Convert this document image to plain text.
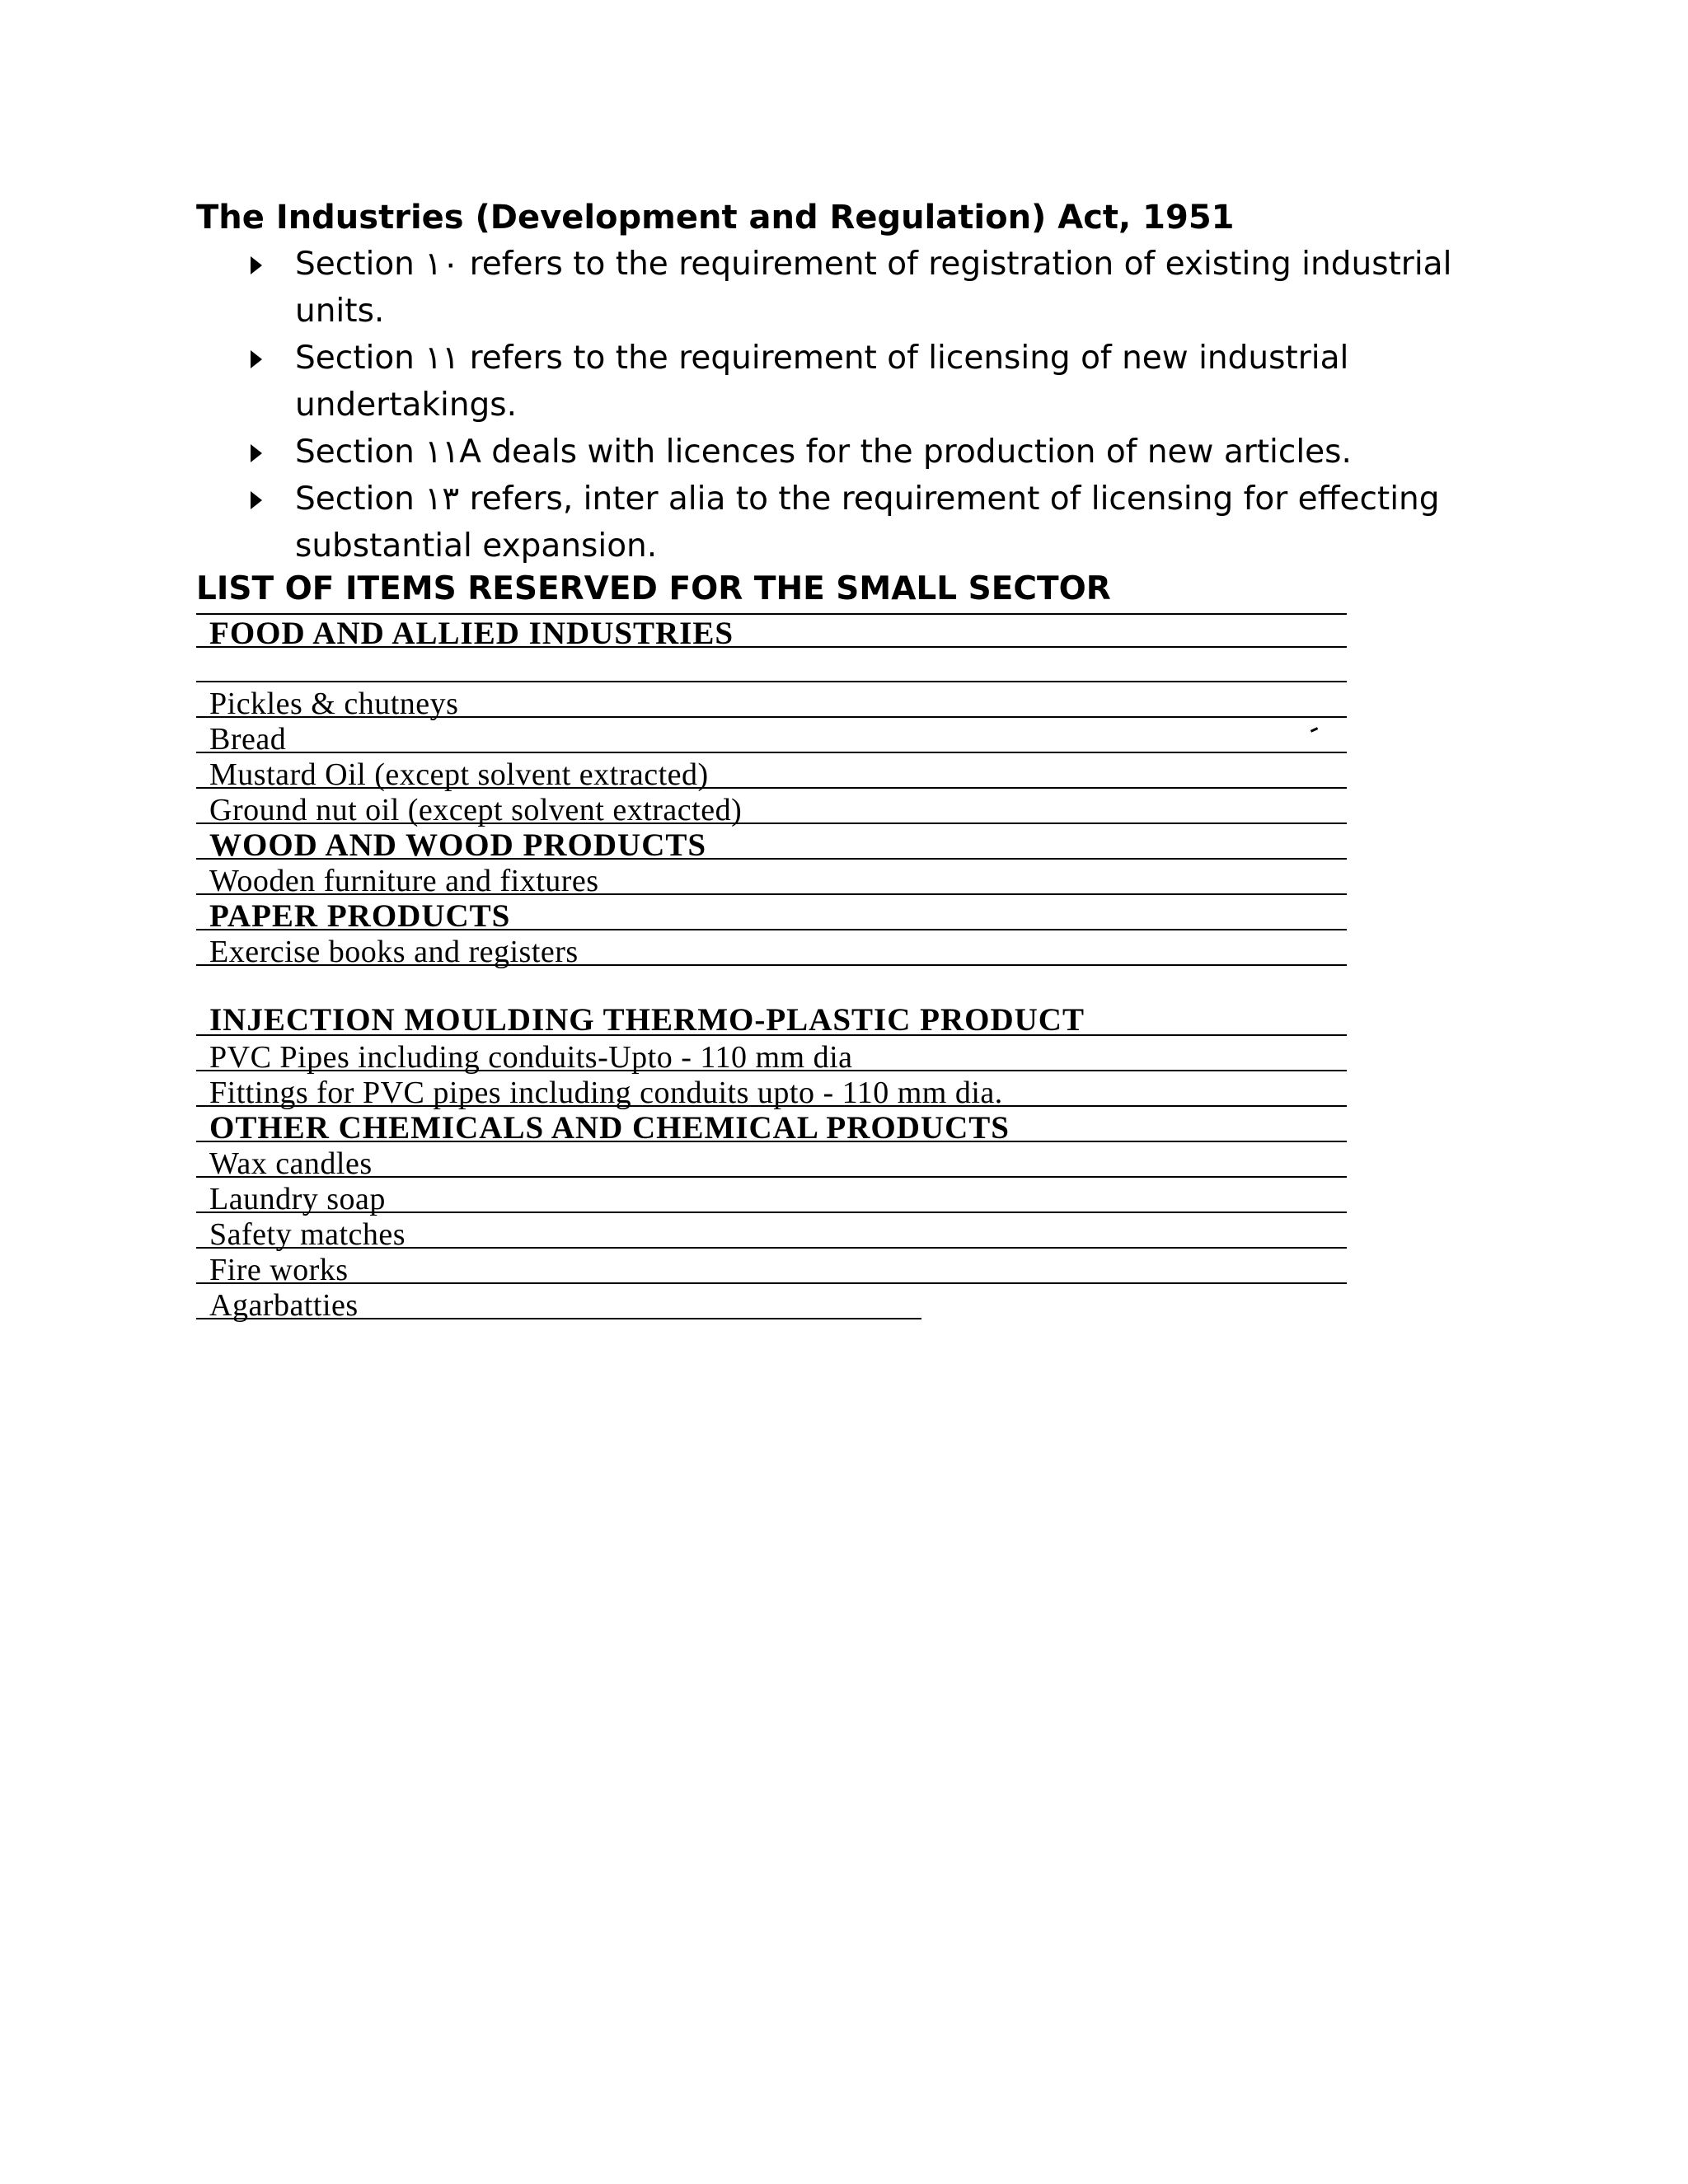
The Industries (Development and Regulation) Act, 1951
Section ١٠ refers to the requirement of registration of existing industrial units.
Section ١١ refers to the requirement of licensing of new industrial undertakings.
Section ١١A deals with licences for the production of new articles.
Section ١٣ refers, inter alia to the requirement of licensing for effecting substantial expansion.
LIST OF ITEMS RESERVED FOR THE SMALL SECTOR
FOOD AND ALLIED INDUSTRIES
Pickles & chutneys
Bread
Mustard Oil (except solvent extracted)
Ground nut oil (except solvent extracted)
WOOD AND WOOD PRODUCTS
Wooden furniture and fixtures
PAPER PRODUCTS
Exercise books and registers
INJECTION MOULDING THERMO-PLASTIC PRODUCT
PVC Pipes including conduits-Upto - 110 mm dia
Fittings for PVC pipes including conduits upto - 110 mm dia.
OTHER CHEMICALS AND CHEMICAL PRODUCTS
Wax candles
Laundry soap
Safety matches
Fire works
Agarbatties
